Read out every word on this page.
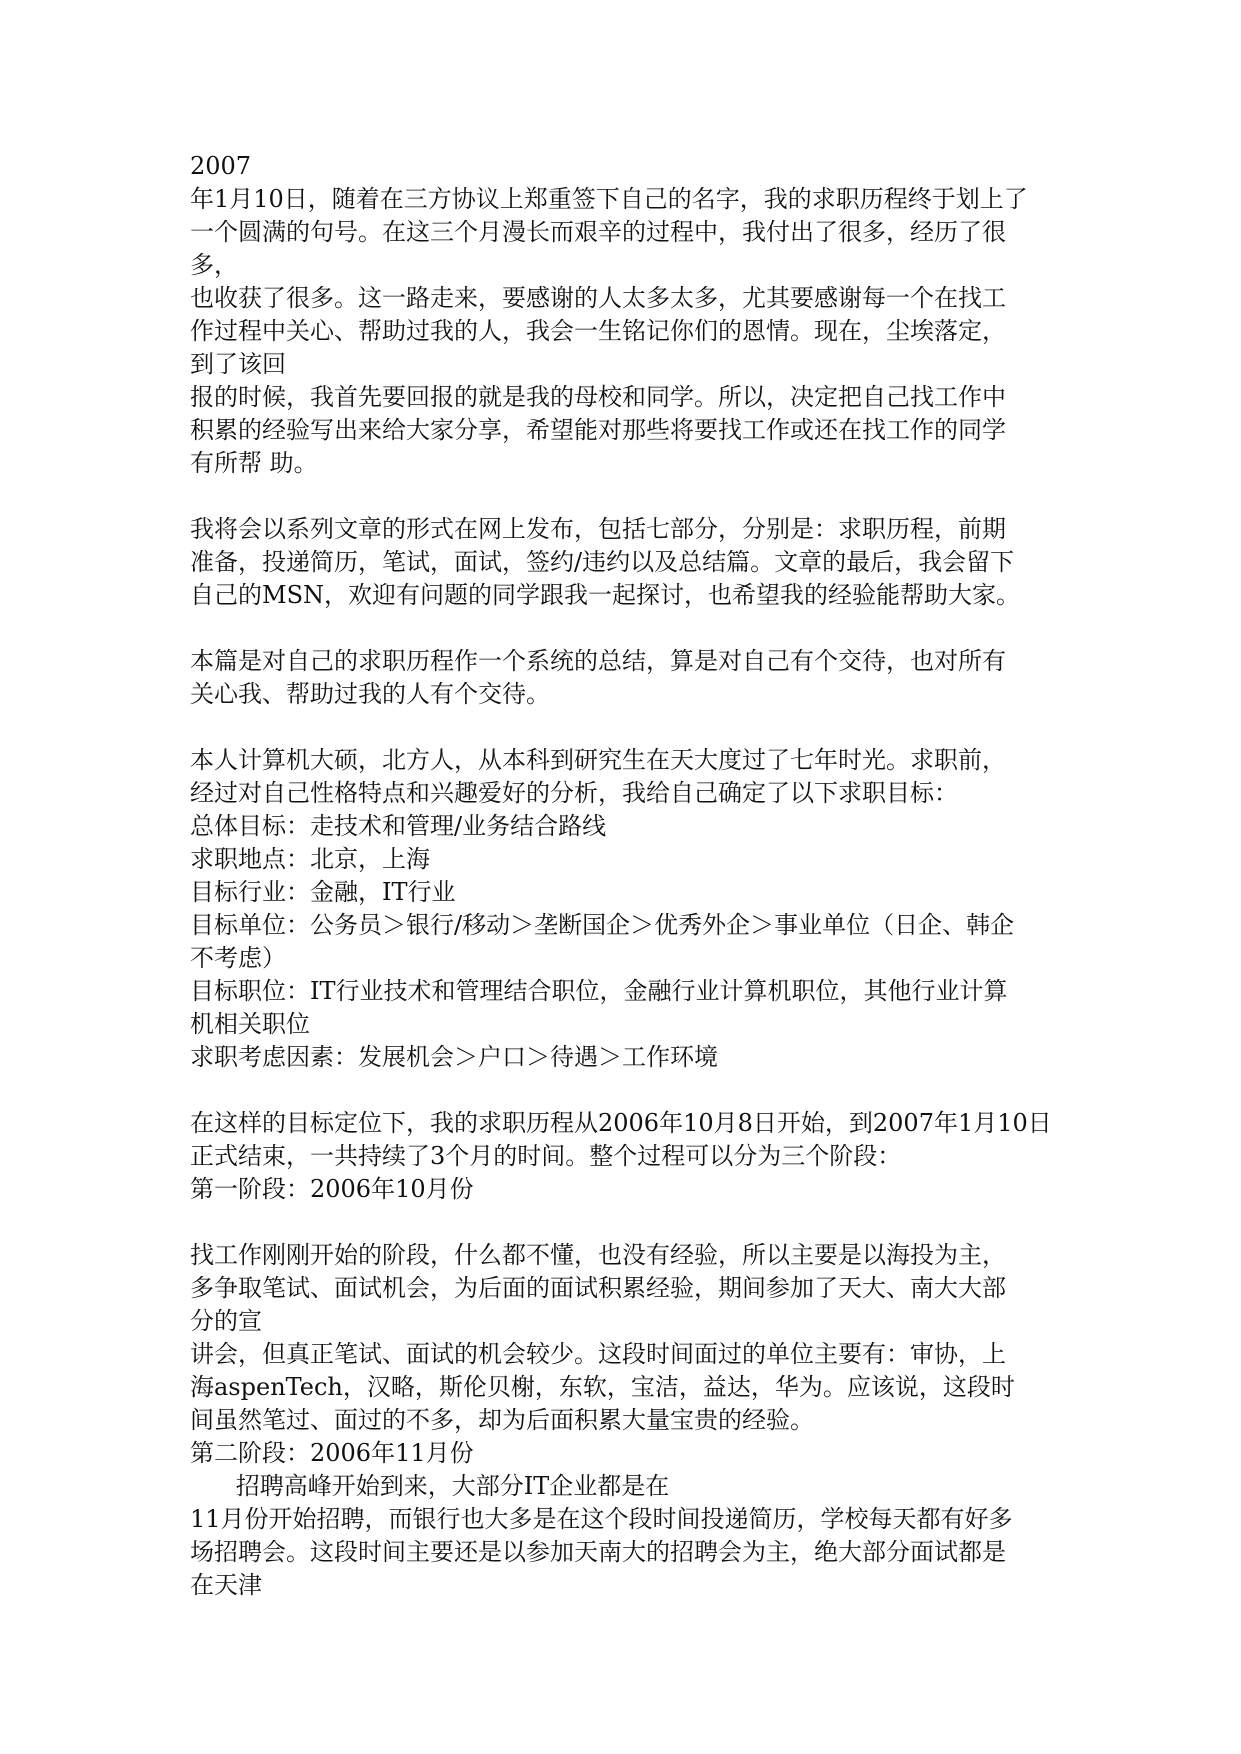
2007
年1月10日，随着在三方协议上郑重签下自己的名字，我的求职历程终于划上了
一个圆满的句号。在这三个月漫长而艰辛的过程中，我付出了很多，经历了很
多，
也收获了很多。这一路走来，要感谢的人太多太多，尤其要感谢每一个在找工
作过程中关心、帮助过我的人，我会一生铭记你们的恩情。现在，尘埃落定，
到了该回
报的时候，我首先要回报的就是我的母校和同学。所以，决定把自己找工作中
积累的经验写出来给大家分享，希望能对那些将要找工作或还在找工作的同学
有所帮 助。
我将会以系列文章的形式在网上发布，包括七部分，分别是：求职历程，前期
准备，投递简历，笔试，面试，签约/违约以及总结篇。文章的最后，我会留下
自己的MSN，欢迎有问题的同学跟我一起探讨，也希望我的经验能帮助大家。
本篇是对自己的求职历程作一个系统的总结，算是对自己有个交待，也对所有
关心我、帮助过我的人有个交待。
本人计算机大硕，北方人，从本科到研究生在天大度过了七年时光。求职前，
经过对自己性格特点和兴趣爱好的分析，我给自己确定了以下求职目标：
总体目标：走技术和管理/业务结合路线
求职地点：北京，上海
目标行业：金融，IT行业
目标单位：公务员＞银行/移动＞垄断国企＞优秀外企＞事业单位（日企、韩企
不考虑）
目标职位：IT行业技术和管理结合职位，金融行业计算机职位，其他行业计算
机相关职位
求职考虑因素：发展机会＞户口＞待遇＞工作环境
在这样的目标定位下，我的求职历程从2006年10月8日开始，到2007年1月10日
正式结束，一共持续了3个月的时间。整个过程可以分为三个阶段：
第一阶段：2006年10月份
找工作刚刚开始的阶段，什么都不懂，也没有经验，所以主要是以海投为主，
多争取笔试、面试机会，为后面的面试积累经验，期间参加了天大、南大大部
分的宣
讲会，但真正笔试、面试的机会较少。这段时间面过的单位主要有：审协，上
海aspenTech，汉略，斯伦贝榭，东软，宝洁，益达，华为。应该说，这段时
间虽然笔过、面过的不多，却为后面积累大量宝贵的经验。
第二阶段：2006年11月份
招聘高峰开始到来，大部分IT企业都是在
11月份开始招聘，而银行也大多是在这个段时间投递简历，学校每天都有好多
场招聘会。这段时间主要还是以参加天南大的招聘会为主，绝大部分面试都是
在天津
